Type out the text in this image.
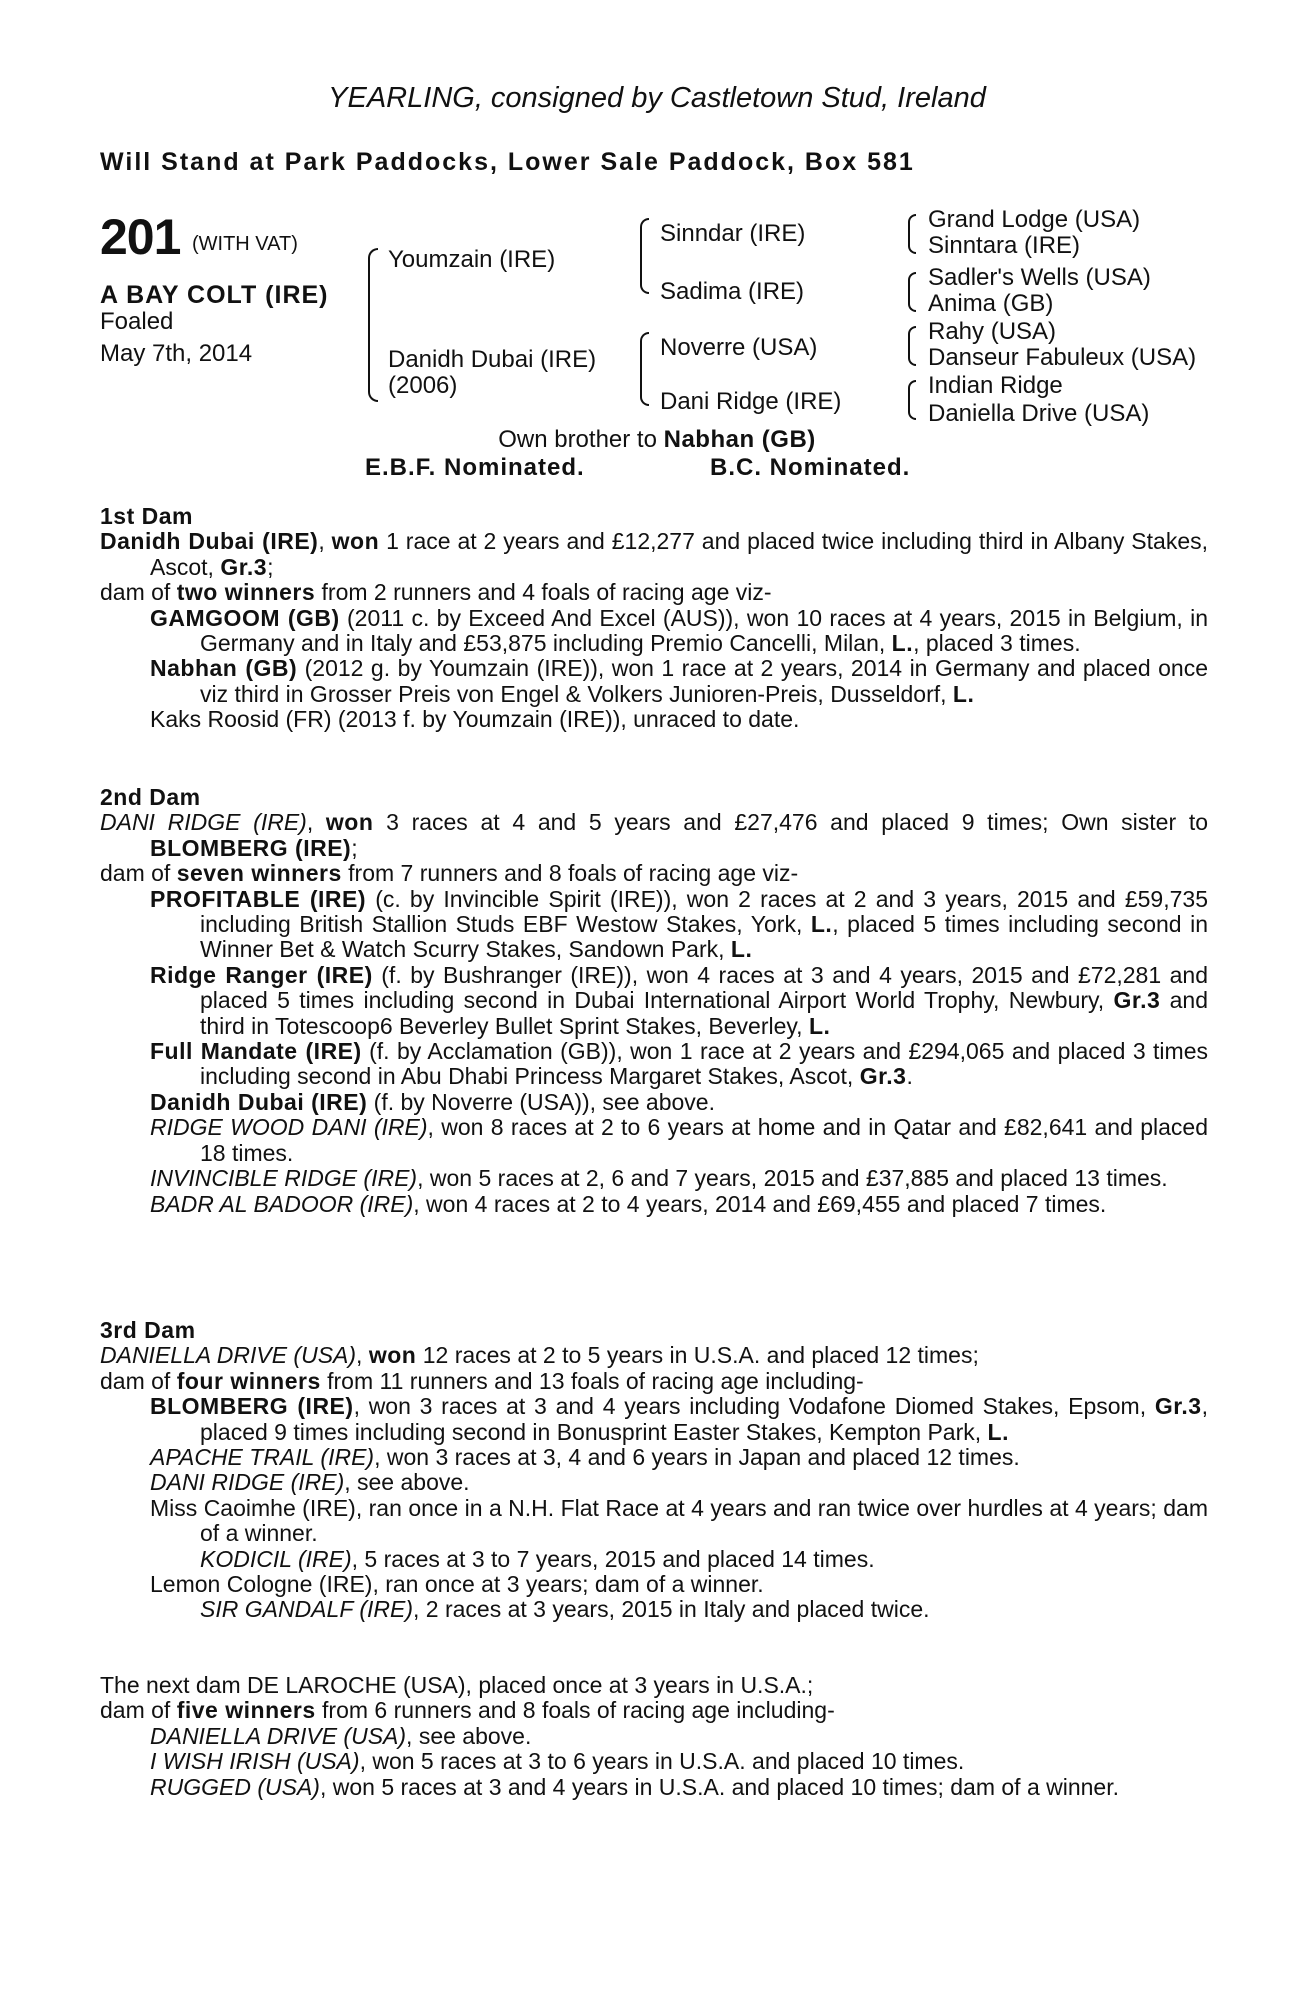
YEARLING, consigned by Castletown Stud, Ireland
Will Stand at Park Paddocks, Lower Sale Paddock, Box 581
201 (WITH VAT)
A BAY COLT (IRE)
Foaled
May 7th, 2014
Youmzain (IRE)
Danidh Dubai (IRE)
(2006)
Sinndar (IRE)
Sadima (IRE)
Noverre (USA)
Dani Ridge (IRE)
Grand Lodge (USA)
Sinntara (IRE)
Sadler's Wells (USA)
Anima (GB)
Rahy (USA)
Danseur Fabuleux (USA)
Indian Ridge
Daniella Drive (USA)
Own brother to Nabhan (GB)
E.B.F. Nominated.	B.C. Nominated.
1st Dam

Danidh Dubai (IRE), won 1 race at 2 years and £12,277 and placed twice including third in Albany Stakes, Ascot, Gr.3;

dam of two winners from 2 runners and 4 foals of racing age viz-

GAMGOOM (GB) (2011 c. by Exceed And Excel (AUS)), won 10 races at 4 years, 2015 in Belgium, in Germany and in Italy and £53,875 including Premio Cancelli, Milan, L., placed 3 times.

Nabhan (GB) (2012 g. by Youmzain (IRE)), won 1 race at 2 years, 2014 in Germany and placed once viz third in Grosser Preis von Engel & Volkers Junioren-Preis, Dusseldorf, L.

Kaks Roosid (FR) (2013 f. by Youmzain (IRE)), unraced to date.

2nd Dam

DANI RIDGE (IRE), won 3 races at 4 and 5 years and £27,476 and placed 9 times; Own sister to BLOMBERG (IRE);

dam of seven winners from 7 runners and 8 foals of racing age viz-

PROFITABLE (IRE) (c. by Invincible Spirit (IRE)), won 2 races at 2 and 3 years, 2015 and £59,735 including British Stallion Studs EBF Westow Stakes, York, L., placed 5 times including second in Winner Bet & Watch Scurry Stakes, Sandown Park, L.

Ridge Ranger (IRE) (f. by Bushranger (IRE)), won 4 races at 3 and 4 years, 2015 and £72,281 and placed 5 times including second in Dubai International Airport World Trophy, Newbury, Gr.3 and third in Totescoop6 Beverley Bullet Sprint Stakes, Beverley, L.

Full Mandate (IRE) (f. by Acclamation (GB)), won 1 race at 2 years and £294,065 and placed 3 times including second in Abu Dhabi Princess Margaret Stakes, Ascot, Gr.3.

Danidh Dubai (IRE) (f. by Noverre (USA)), see above.

RIDGE WOOD DANI (IRE), won 8 races at 2 to 6 years at home and in Qatar and £82,641 and placed 18 times.

INVINCIBLE RIDGE (IRE), won 5 races at 2, 6 and 7 years, 2015 and £37,885 and placed 13 times.

BADR AL BADOOR (IRE), won 4 races at 2 to 4 years, 2014 and £69,455 and placed 7 times.

3rd Dam

DANIELLA DRIVE (USA), won 12 races at 2 to 5 years in U.S.A. and placed 12 times;

dam of four winners from 11 runners and 13 foals of racing age including-

BLOMBERG (IRE), won 3 races at 3 and 4 years including Vodafone Diomed Stakes, Epsom, Gr.3, placed 9 times including second in Bonusprint Easter Stakes, Kempton Park, L.

APACHE TRAIL (IRE), won 3 races at 3, 4 and 6 years in Japan and placed 12 times.

DANI RIDGE (IRE), see above.

Miss Caoimhe (IRE), ran once in a N.H. Flat Race at 4 years and ran twice over hurdles at 4 years; dam of a winner.

KODICIL (IRE), 5 races at 3 to 7 years, 2015 and placed 14 times.

Lemon Cologne (IRE), ran once at 3 years; dam of a winner.

SIR GANDALF (IRE), 2 races at 3 years, 2015 in Italy and placed twice.

The next dam DE LAROCHE (USA), placed once at 3 years in U.S.A.;

dam of five winners from 6 runners and 8 foals of racing age including-

DANIELLA DRIVE (USA), see above.

I WISH IRISH (USA), won 5 races at 3 to 6 years in U.S.A. and placed 10 times.

RUGGED (USA), won 5 races at 3 and 4 years in U.S.A. and placed 10 times; dam of a winner.
